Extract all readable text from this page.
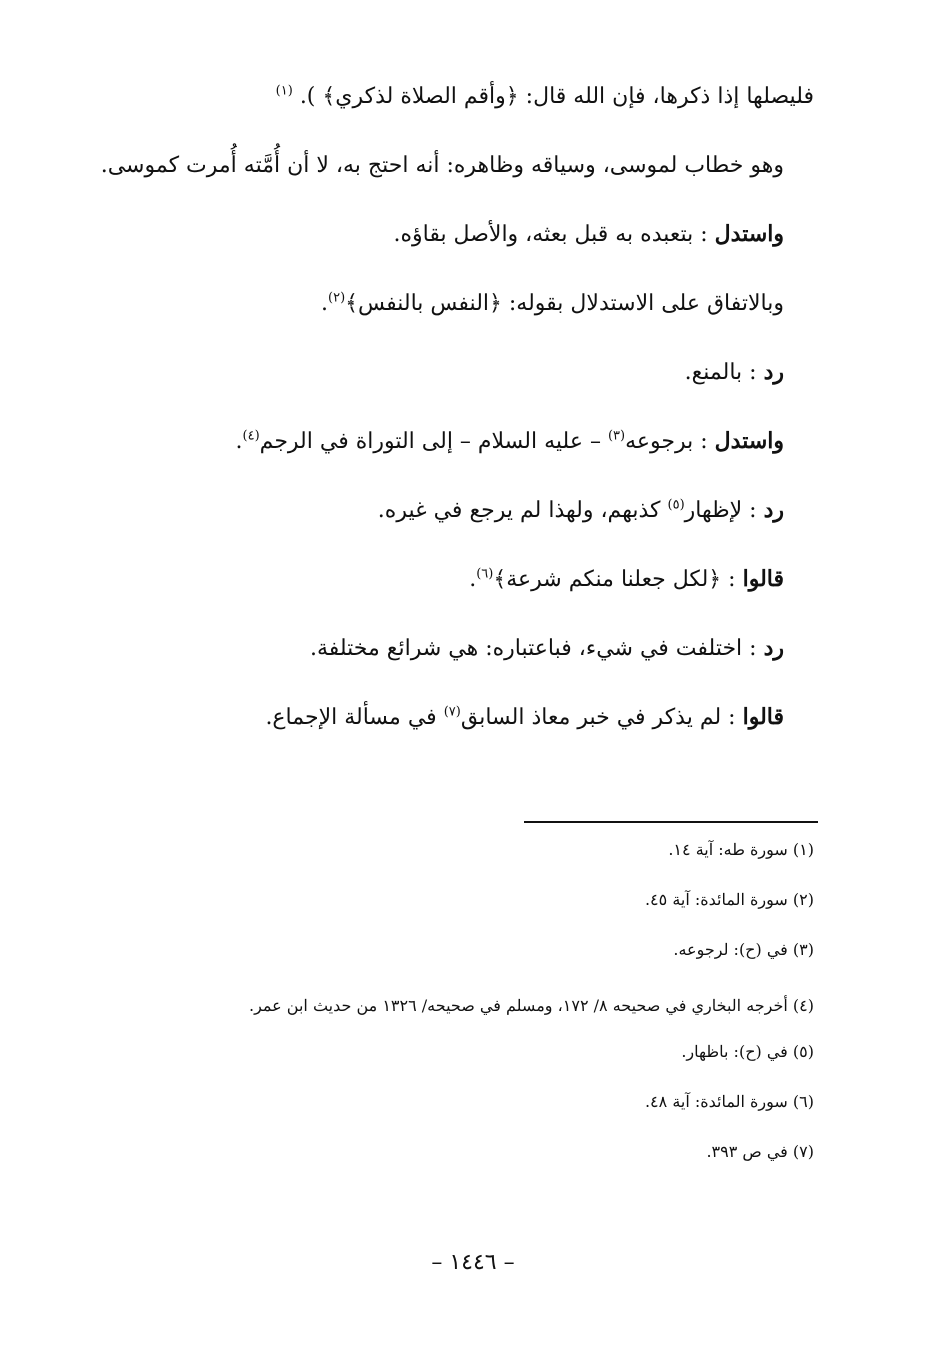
فليصلها إذا ذكرها، فإن الله قال: ﴿وأقم الصلاة لذكري﴾ ). $^{(١)}$

وهو خطاب لموسى، وسياقه وظاهره: أنه احتج به، لا أن أُمَّته أُمرت كموسى.

واستدل : بتعبده به قبل بعثه، والأصل بقاؤه.

وبالاتفاق على الاستدلال بقوله: ﴿النفس بالنفس﴾$^{(٢)}$.

رد : بالمنع.

واستدل : برجوعه$^{(٣)}$ – عليه السلام – إلى التوراة في الرجم$^{(٤)}$.

رد : لإظهار$^{(٥)}$ كذبهم، ولهذا لم يرجع في غيره.

قالوا : ﴿لكل جعلنا منكم شرعة﴾$^{(٦)}$.

رد : اختلفت في شيء، فباعتباره: هي شرائع مختلفة.

قالوا : لم يذكر في خبر معاذ السابق$^{(٧)}$ في مسألة الإجماع.

(١) سورة طه: آية ١٤.

(٢) سورة المائدة: آية ٤٥.

(٣) في (ح): لرجوعه.

(٤) أخرجه البخاري في صحيحه ٨/ ١٧٢، ومسلم في صحيحه/ ١٣٢٦ من حديث ابن عمر.

(٥) في (ح): باظهار.

(٦) سورة المائدة: آية ٤٨.

(٧) في ص ٣٩٣.

– ١٤٤٦ –
